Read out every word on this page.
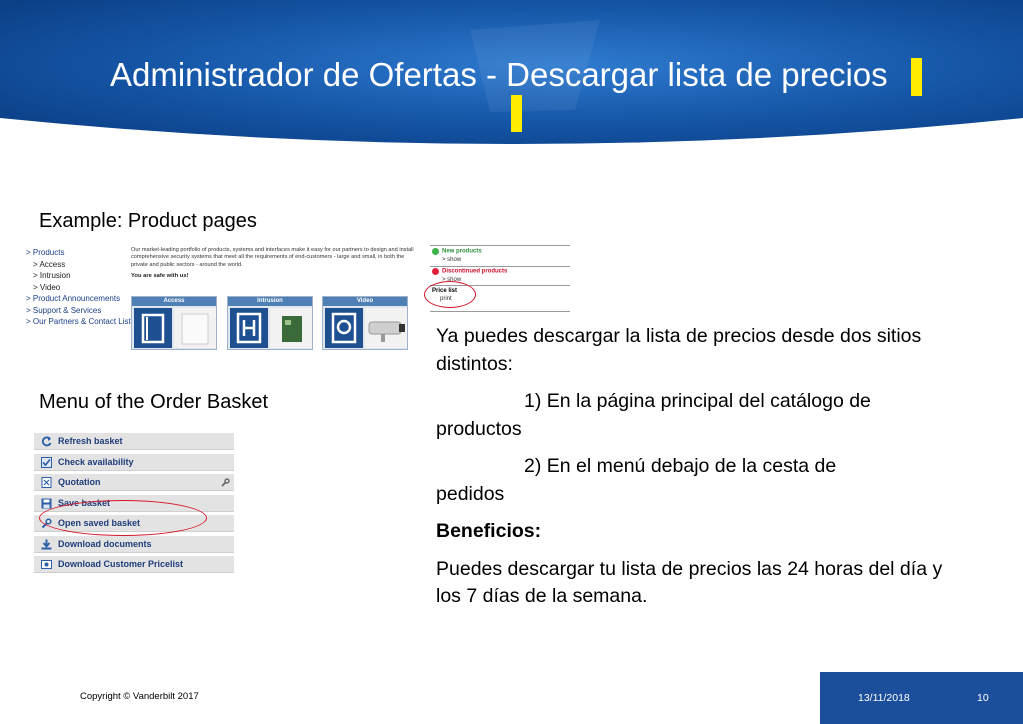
Administrador de Ofertas - Descargar lista de precios
Example: Product pages
> Products
> Access
> Intrusion
> Video
> Product Announcements
> Support & Services
> Our Partners & Contact List
Our market-leading portfolio of products, systems and interfaces make it easy for our partners to design and install comprehensive security systems that meet all the requirements of end-customers - large and small, in both the private and public sectors - around the world.
You are safe with us!
Access	Intrusion	Video
New products
> show
Discontinued products
> show
Price list
print
Menu of the Order Basket
Refresh basket
Check availability
Quotation
Save basket
Open saved basket
Download documents
Download Customer Pricelist

Ya puedes descargar la lista de precios desde dos sitios distintos:

1) En la página principal del catálogo de

productos

2) En el menú debajo de la cesta de

pedidos

Beneficios:

Puedes descargar tu lista de precios las 24 horas del día y los 7 días de la semana.

Copyright © Vanderbilt 2017	13/11/2018	10
